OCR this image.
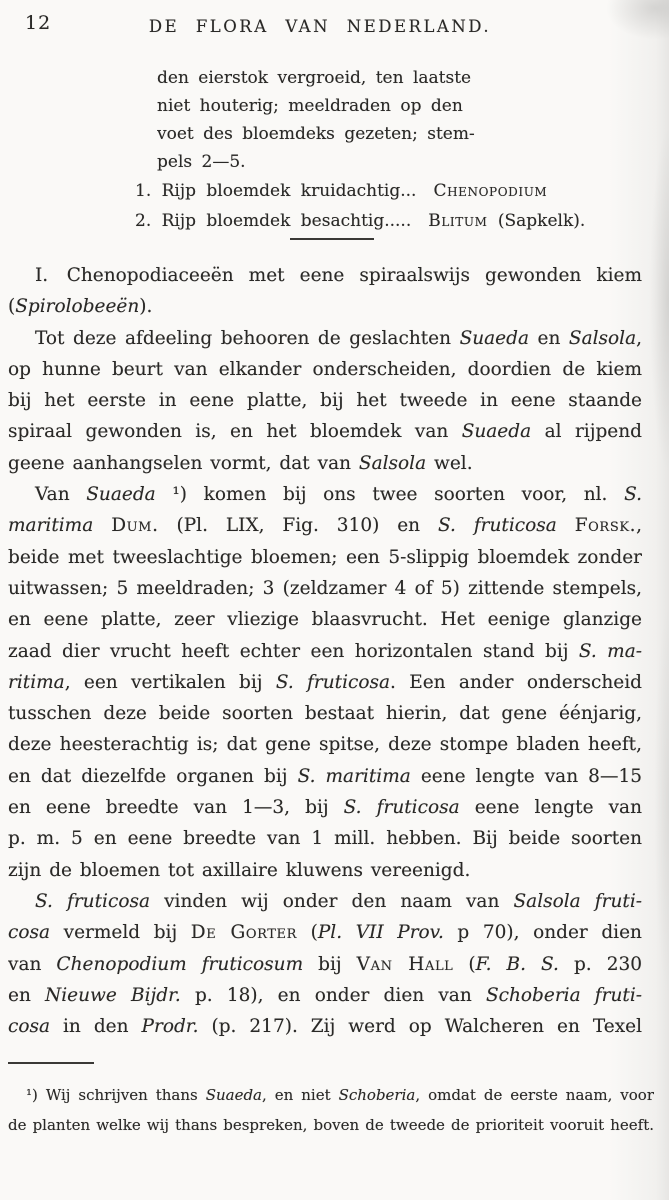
12	DE FLORA VAN NEDERLAND.
den eierstok vergroeid, ten laatste
niet houterig; meeldraden op den
voet des bloemdeks gezeten; stem-
pels 2—5.
1. Rijp bloemdek kruidachtig...  Chenopodium
2. Rijp bloemdek besachtig.....  Blitum (Sapkelk).
I.  Chenopodiaceeën met eene spiraalswijs gewonden kiem
(Spirolobeeën).
Tot deze afdeeling behooren de geslachten Suaeda en Salsola,
op hunne beurt van elkander onderscheiden, doordien de kiem
bij het eerste in eene platte, bij het tweede in eene staande
spiraal gewonden is, en het bloemdek van Suaeda al rijpend
geene aanhangselen vormt, dat van Salsola wel.
Van Suaeda ¹) komen bij ons twee soorten voor, nl. S.
maritima Dum. (Pl. LIX, Fig. 310) en S. fruticosa Forsk.,
beide met tweeslachtige bloemen; een 5-slippig bloemdek zonder
uitwassen; 5 meeldraden; 3 (zeldzamer 4 of 5) zittende stempels,
en eene platte, zeer vliezige blaasvrucht. Het eenige glanzige
zaad dier vrucht heeft echter een horizontalen stand bij S. ma-
ritima, een vertikalen bij S. fruticosa. Een ander onderscheid
tusschen deze beide soorten bestaat hierin, dat gene éénjarig,
deze heesterachtig is; dat gene spitse, deze stompe bladen heeft,
en dat diezelfde organen bij S. maritima eene lengte van 8—15
en eene breedte van 1—3, bij S. fruticosa eene lengte van
p. m. 5 en eene breedte van 1 mill. hebben. Bij beide soorten
zijn de bloemen tot axillaire kluwens vereenigd.
S. fruticosa vinden wij onder den naam van Salsola fruti-
cosa vermeld bij De Gorter (Pl. VII Prov. p 70), onder dien
van Chenopodium fruticosum bij Van Hall (F. B. S. p. 230
en Nieuwe Bijdr. p. 18), en onder dien van Schoberia fruti-
cosa in den Prodr. (p. 217). Zij werd op Walcheren en Texel
¹) Wij schrijven thans Suaeda, en niet Schoberia, omdat de eerste naam, voor
de planten welke wij thans bespreken, boven de tweede de prioriteit vooruit heeft.
